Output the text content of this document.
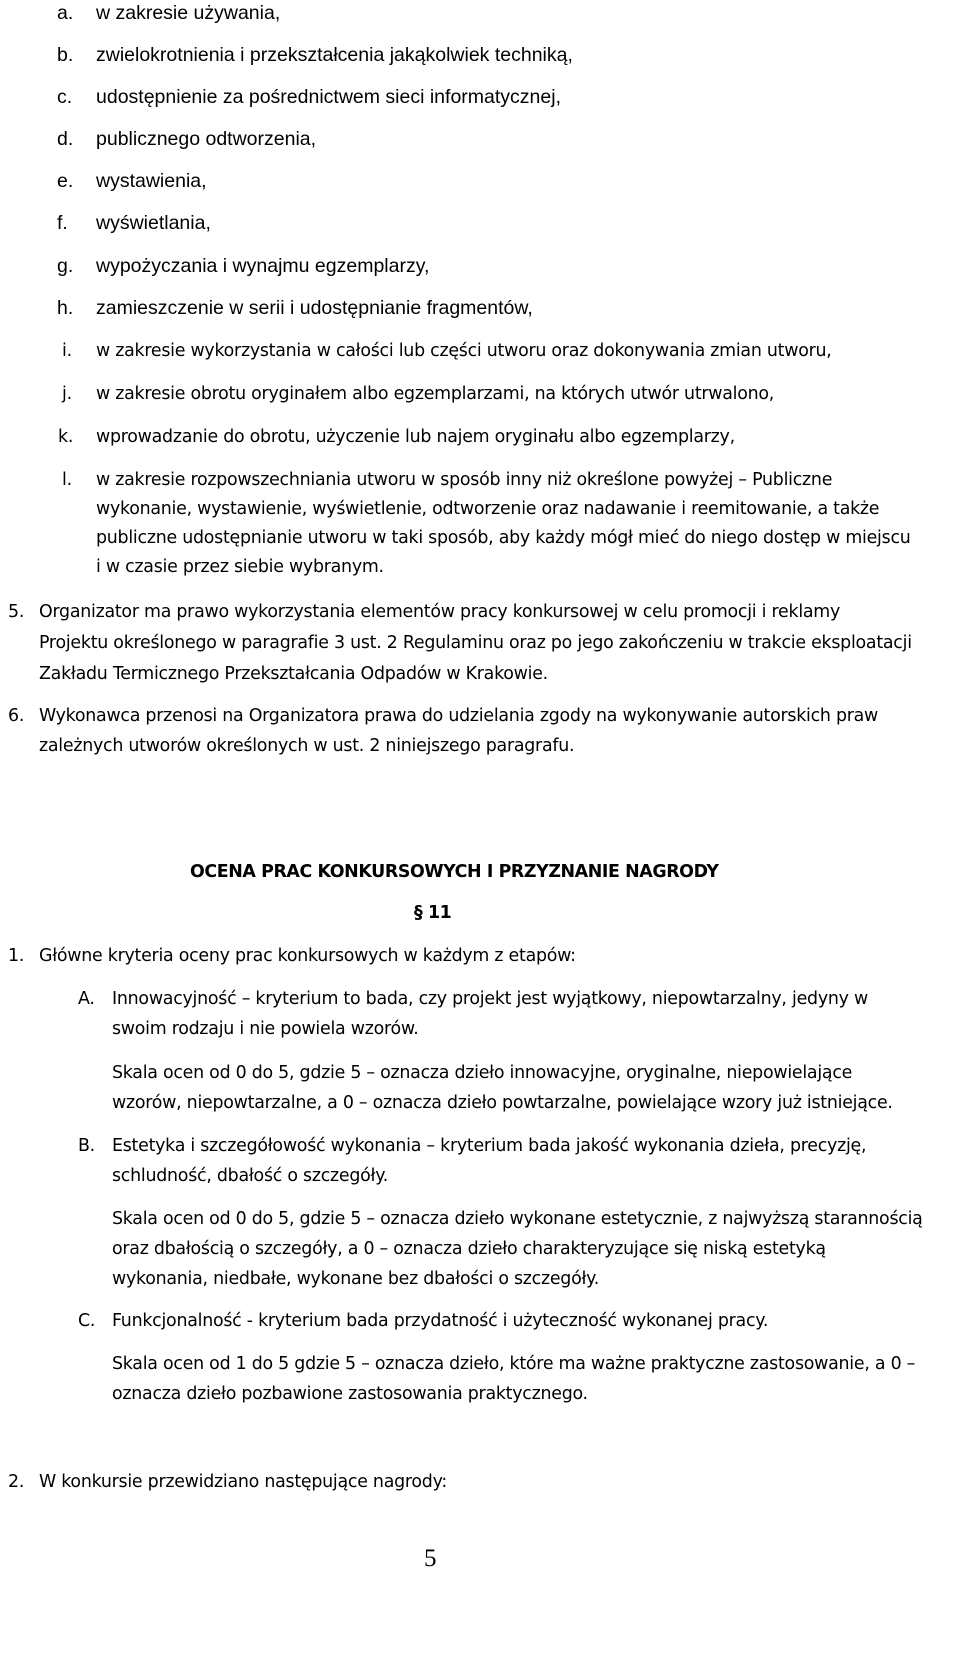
a. w zakresie używania,
b. zwielokrotnienia i przekształcenia jakąkolwiek techniką,
c. udostępnienie za pośrednictwem sieci informatycznej,
d. publicznego odtworzenia,
e. wystawienia,
f. wyświetlania,
g. wypożyczania i wynajmu egzemplarzy,
h. zamieszczenie w serii i udostępnianie fragmentów,
i. w zakresie wykorzystania w całości lub części utworu oraz dokonywania zmian utworu,
j. w zakresie obrotu oryginałem albo egzemplarzami, na których utwór utrwalono,
k. wprowadzanie do obrotu, użyczenie lub najem oryginału albo egzemplarzy,
l. w zakresie rozpowszechniania utworu w sposób inny niż określone powyżej – Publiczne
wykonanie, wystawienie, wyświetlenie, odtworzenie oraz nadawanie i reemitowanie, a także
publiczne udostępnianie utworu w taki sposób, aby każdy mógł mieć do niego dostęp w miejscu
i w czasie przez siebie wybranym.
5. Organizator ma prawo wykorzystania elementów pracy konkursowej w celu promocji i reklamy
Projektu określonego w paragrafie 3 ust. 2 Regulaminu oraz po jego zakończeniu w trakcie eksploatacji
Zakładu Termicznego Przekształcania Odpadów w Krakowie.
6. Wykonawca przenosi na Organizatora prawa do udzielania zgody na wykonywanie autorskich praw
zależnych utworów określonych w ust. 2 niniejszego paragrafu.
OCENA PRAC KONKURSOWYCH I PRZYZNANIE NAGRODY
§ 11
1. Główne kryteria oceny prac konkursowych w każdym z etapów:
A. Innowacyjność – kryterium to bada, czy projekt jest wyjątkowy, niepowtarzalny, jedyny w
swoim rodzaju i nie powiela wzorów.
Skala ocen od 0 do 5, gdzie 5 – oznacza dzieło innowacyjne, oryginalne, niepowielające
wzorów, niepowtarzalne, a 0 – oznacza dzieło powtarzalne, powielające wzory już istniejące.
B. Estetyka i szczegółowość wykonania – kryterium bada jakość wykonania dzieła, precyzję,
schludność, dbałość o szczegóły.
Skala ocen od 0 do 5, gdzie 5 – oznacza dzieło wykonane estetycznie, z najwyższą starannością
oraz dbałością o szczegóły, a 0 – oznacza dzieło charakteryzujące się niską estetyką
wykonania, niedbałe, wykonane bez dbałości o szczegóły.
C. Funkcjonalność - kryterium bada przydatność i użyteczność wykonanej pracy.
Skala ocen od 1 do 5 gdzie 5 – oznacza dzieło, które ma ważne praktyczne zastosowanie, a 0 –
oznacza dzieło pozbawione zastosowania praktycznego.
2. W konkursie przewidziano następujące nagrody:
5
